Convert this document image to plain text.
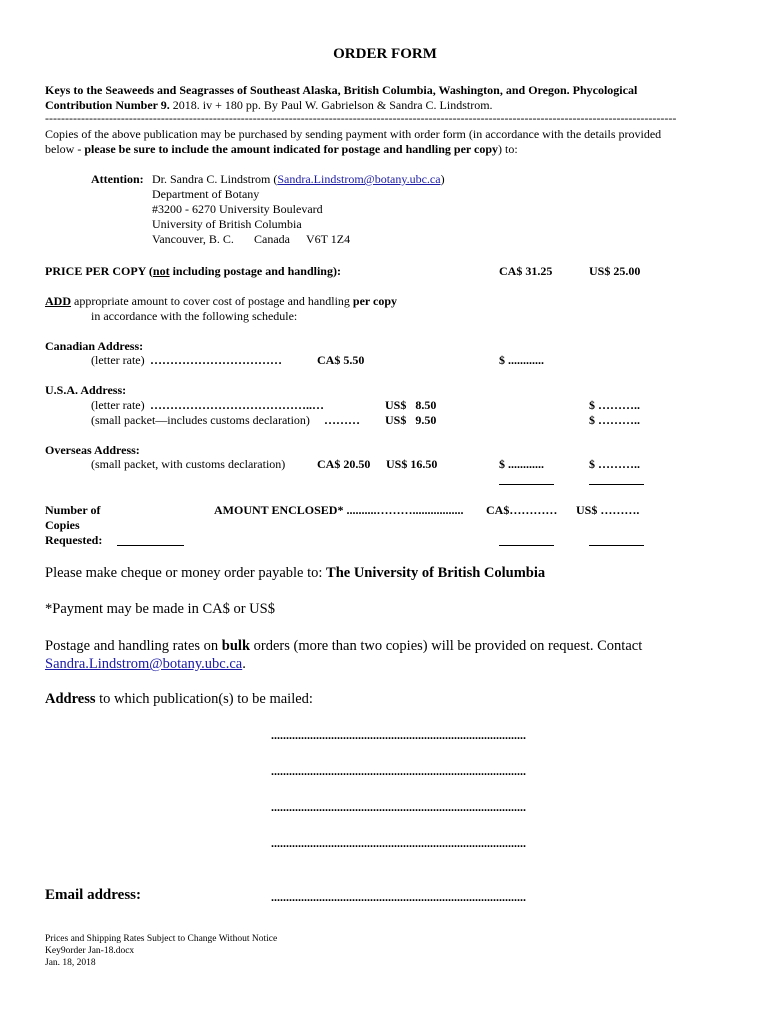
ORDER FORM
Keys to the Seaweeds and Seagrasses of Southeast Alaska, British Columbia, Washington, and Oregon. Phycological
Contribution Number 9. 2018. iv + 180 pp. By Paul W. Gabrielson & Sandra C. Lindstrom.
--------------------------------------------------------------------------------------------------------------------------------------------------------------
Copies of the above publication may be purchased by sending payment with order form (in accordance with the details provided
below - please be sure to include the amount indicated for postage and handling per copy) to:
Attention: Dr. Sandra C. Lindstrom (Sandra.Lindstrom@botany.ubc.ca)
Department of Botany
#3200 - 6270 University Boulevard
University of British Columbia
Vancouver, B. C. Canada V6T 1Z4
PRICE PER COPY (not including postage and handling):	CA$ 31.25	US$ 25.00
ADD appropriate amount to cover cost of postage and handling per copy
in accordance with the following schedule:
Canadian Address:
(letter rate) ……………………………	CA$ 5.50	$ ............
U.S.A. Address:
(letter rate) …………………………………..…	US$   8.50	$ ………..
(small packet—includes customs declaration) ……… US$   9.50	$ ………..
Overseas Address:
(small packet, with customs declaration)	CA$ 20.50 US$ 16.50	$ ............	$ ………..
Number of
Copies
Requested:
AMOUNT ENCLOSED* ..........………................. CA$………… US$ ……….
Please make cheque or money order payable to: The University of British Columbia
*Payment may be made in CA$ or US$
Postage and handling rates on bulk orders (more than two copies) will be provided on request. Contact
Sandra.Lindstrom@botany.ubc.ca.
Address to which publication(s) to be mailed:
.....................................................................................
.....................................................................................
.....................................................................................
.....................................................................................
Email address:	.....................................................................................
Prices and Shipping Rates Subject to Change Without Notice
Key9order Jan-18.docx
Jan. 18, 2018
